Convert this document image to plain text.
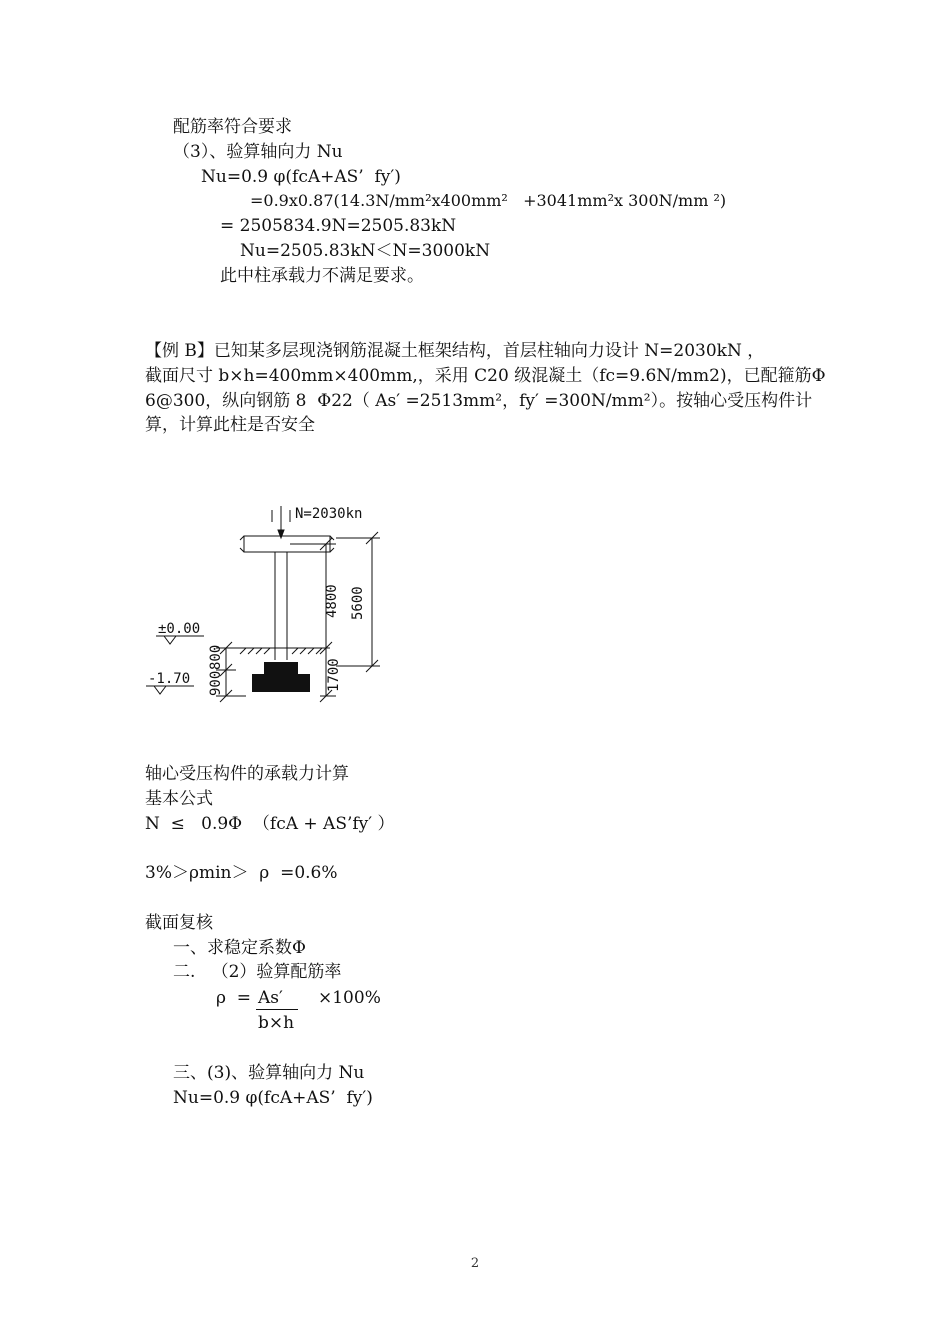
配筋率符合要求
（3）、验算轴向力 Nu
Nu=0.9 φ(fcA+AS’  fy′)
=0.9x0.87(14.3N/mm²x400mm²   +3041mm²x 300N/mm ²)
= 2505834.9N=2505.83kN
Nu=2505.83kN＜N=3000kN
此中柱承载力不满足要求。
【例 B】已知某多层现浇钢筋混凝土框架结构，首层柱轴向力设计 N=2030kN ，
截面尺寸 b×h=400mm×400mm,，采用 C20 级混凝土（fc=9.6N/mm2)，已配箍筋Φ
6@300，纵向钢筋 8  Φ22（ As′ =2513mm²，fy′ =300N/mm²）。按轴心受压构件计
算，计算此柱是否安全
N=2030kn
±0.00
-1.70
4800 5600
1700
900
800
轴心受压构件的承载力计算
基本公式
N  ≤   0.9Φ  （fcA + AS’fy′ ）
3%＞ρmin＞  ρ  =0.6%
截面复核
一、求稳定系数Φ
二.   （2）验算配筋率
ρ  = As′ ×100%
b×h
三、(3)、验算轴向力 Nu
Nu=0.9 φ(fcA+AS’  fy′)
2
